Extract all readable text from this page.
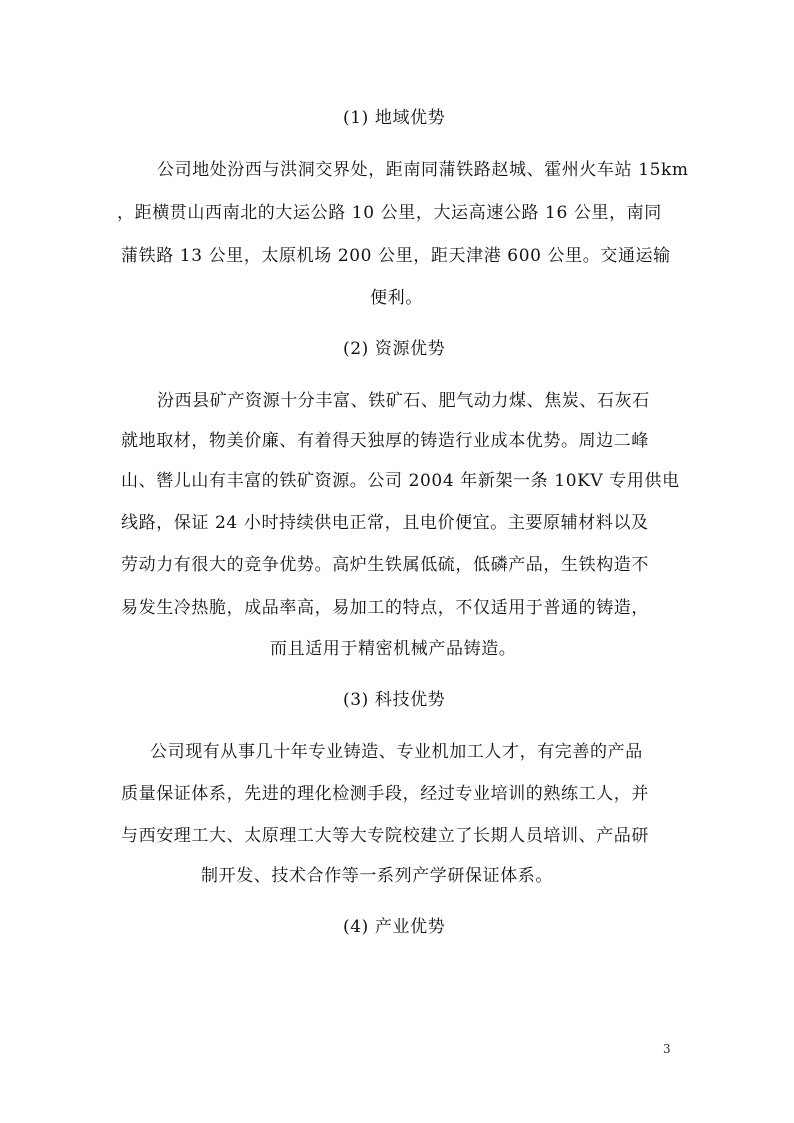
(1) 地域优势
公司地处汾西与洪洞交界处，距南同蒲铁路赵城、霍州火车站 15km
，距横贯山西南北的大运公路 10 公里，大运高速公路 16 公里，南同
蒲铁路 13 公里，太原机场 200 公里，距天津港 600 公里。交通运输
便利。
(2) 资源优势
汾西县矿产资源十分丰富、铁矿石、肥气动力煤、焦炭、石灰石
就地取材，物美价廉、有着得天独厚的铸造行业成本优势。周边二峰
山、辔儿山有丰富的铁矿资源。公司 2004 年新架一条 10KV 专用供电
线路，保证 24 小时持续供电正常，且电价便宜。主要原辅材料以及
劳动力有很大的竞争优势。高炉生铁属低硫，低磷产品，生铁构造不
易发生冷热脆，成品率高，易加工的特点，不仅适用于普通的铸造，
而且适用于精密机械产品铸造。
(3) 科技优势
公司现有从事几十年专业铸造、专业机加工人才，有完善的产品
质量保证体系，先进的理化检测手段，经过专业培训的熟练工人，并
与西安理工大、太原理工大等大专院校建立了长期人员培训、产品研
制开发、技术合作等一系列产学研保证体系。
(4) 产业优势
3
